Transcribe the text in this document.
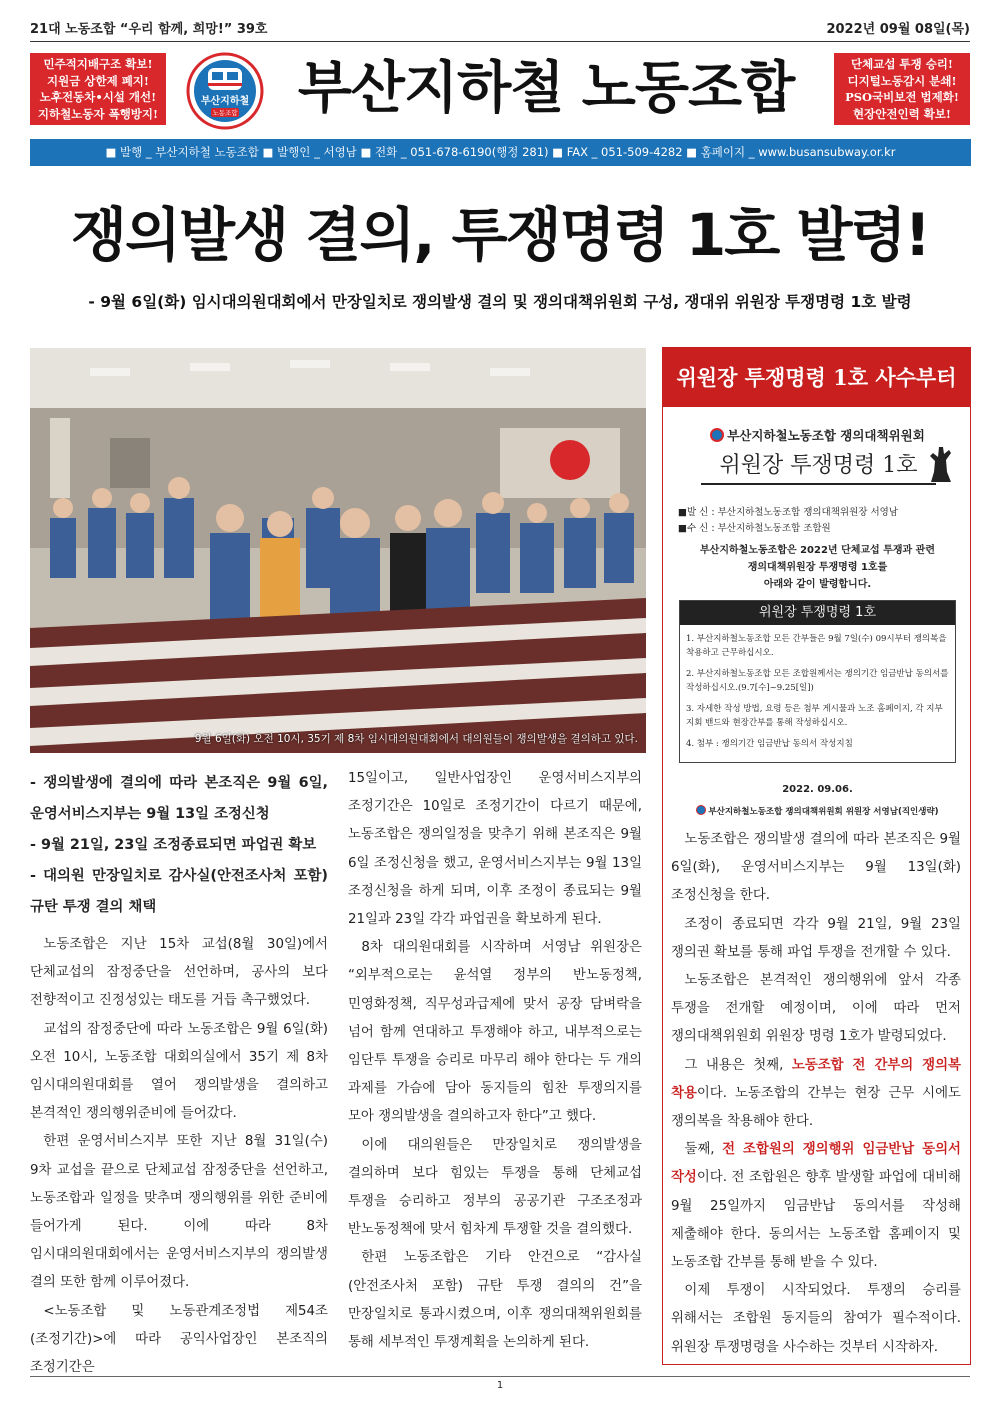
21대 노동조합 “우리 함께, 희망!” 39호	2022년 09월 08일(목)
민주적지배구조 확보!
지원금 상한제 폐지!
노후전동차•시설 개선!
지하철노동자 폭행방지!
부산지하철
노동조합	부산지하철 노동조합	단체교섭 투쟁 승리!
디지털노동감시 분쇄!
PSO국비보전 법제화!
현장안전인력 확보!
■ 발행 _ 부산지하철 노동조합 ■ 발행인 _ 서영남 ■ 전화 _ 051-678-6190(행정 281) ■ FAX _ 051-509-4282 ■ 홈페이지 _ www.busansubway.or.kr
쟁의발생 결의, 투쟁명령 1호 발령!
- 9월 6일(화) 임시대의원대회에서 만장일치로 쟁의발생 결의 및 쟁의대책위원회 구성, 쟁대위 위원장 투쟁명령 1호 발령
9월 6일(화) 오전 10시, 35기 제 8차 임시대의원대회에서 대의원들이 쟁의발생을 결의하고 있다.
- 쟁의발생에 결의에 따라 본조직은 9월 6일, 운영서비스지부는 9월 13일 조정신청
- 9월 21일, 23일 조정종료되면 파업권 확보
- 대의원 만장일치로 감사실(안전조사처 포함) 규탄 투쟁 결의 채택

노동조합은 지난 15차 교섭(8월 30일)에서 단체교섭의 잠정중단을 선언하며, 공사의 보다 전향적이고 진정성있는 태도를 거듭 촉구했었다.

교섭의 잠정중단에 따라 노동조합은 9월 6일(화) 오전 10시, 노동조합 대회의실에서 35기 제 8차 임시대의원대회를 열어 쟁의발생을 결의하고 본격적인 쟁의행위준비에 들어갔다.

한편 운영서비스지부 또한 지난 8월 31일(수) 9차 교섭을 끝으로 단체교섭 잠정중단을 선언하고, 노동조합과 일정을 맞추며 쟁의행위를 위한 준비에 들어가게 된다. 이에 따라 8차 임시대의원대회에서는 운영서비스지부의 쟁의발생 결의 또한 함께 이루어졌다.

<노동조합 및 노동관계조정법 제54조(조정기간)>에 따라 공익사업장인 본조직의 조정기간은

15일이고, 일반사업장인 운영서비스지부의 조정기간은 10일로 조정기간이 다르기 때문에, 노동조합은 쟁의일정을 맞추기 위해 본조직은 9월 6일 조정신청을 했고, 운영서비스지부는 9월 13일 조정신청을 하게 되며, 이후 조정이 종료되는 9월 21일과 23일 각각 파업권을 확보하게 된다.

8차 대의원대회를 시작하며 서영남 위원장은 “외부적으로는 윤석열 정부의 반노동정책, 민영화정책, 직무성과급제에 맞서 공장 담벼락을 넘어 함께 연대하고 투쟁해야 하고, 내부적으로는 임단투 투쟁을 승리로 마무리 해야 한다는 두 개의 과제를 가슴에 담아 동지들의 힘찬 투쟁의지를 모아 쟁의발생을 결의하고자 한다”고 했다.

이에 대의원들은 만장일치로 쟁의발생을 결의하며 보다 힘있는 투쟁을 통해 단체교섭 투쟁을 승리하고 정부의 공공기관 구조조정과 반노동정책에 맞서 힘차게 투쟁할 것을 결의했다.

한편 노동조합은 기타 안건으로 “감사실(안전조사처 포함) 규탄 투쟁 결의의 건”을 만장일치로 통과시켰으며, 이후 쟁의대책위원회를 통해 세부적인 투쟁계획을 논의하게 된다.

위원장 투쟁명령 1호 사수부터
부산지하철노동조합 쟁의대책위원회
위원장 투쟁명령 1호
■발 신 : 부산지하철노동조합 쟁의대책위원장 서영남
■수 신 : 부산지하철노동조합 조합원
부산지하철노동조합은 2022년 단체교섭 투쟁과 관련
쟁의대책위원장 투쟁명령 1호를
아래와 같이 발령합니다.
위원장 투쟁명령 1호
1. 부산지하철노동조합 모든 간부들은 9월 7일(수) 09시부터 쟁의복을 착용하고 근무하십시오.
2. 부산지하철노동조합 모든 조합원께서는 쟁의기간 임금반납 동의서를 작성하십시오.(9.7[수]~9.25[일])
3. 자세한 작성 방법, 요령 등은 첨부 게시물과 노조 홈페이지, 각 지부지회 밴드와 현장간부를 통해 작성하십시오.
4. 첨부 : 쟁의기간 임금반납 동의서 작성지침
2022. 09.06.
부산지하철노동조합 쟁의대책위원회 위원장 서영남(직인생략)

노동조합은 쟁의발생 결의에 따라 본조직은 9월 6일(화), 운영서비스지부는 9월 13일(화) 조정신청을 한다.

조정이 종료되면 각각 9월 21일, 9월 23일 쟁의권 확보를 통해 파업 투쟁을 전개할 수 있다.

노동조합은 본격적인 쟁의행위에 앞서 각종 투쟁을 전개할 예정이며, 이에 따라 먼저 쟁의대책위원회 위원장 명령 1호가 발령되었다.

그 내용은 첫째, 노동조합 전 간부의 쟁의복 착용이다. 노동조합의 간부는 현장 근무 시에도 쟁의복을 착용해야 한다.

둘째, 전 조합원의 쟁의행위 임금반납 동의서 작성이다. 전 조합원은 향후 발생할 파업에 대비해 9월 25일까지 임금반납 동의서를 작성해 제출해야 한다. 동의서는 노동조합 홈페이지 및 노동조합 간부를 통해 받을 수 있다.

이제 투쟁이 시작되었다. 투쟁의 승리를 위해서는 조합원 동지들의 참여가 필수적이다. 위원장 투쟁명령을 사수하는 것부터 시작하자.

1
